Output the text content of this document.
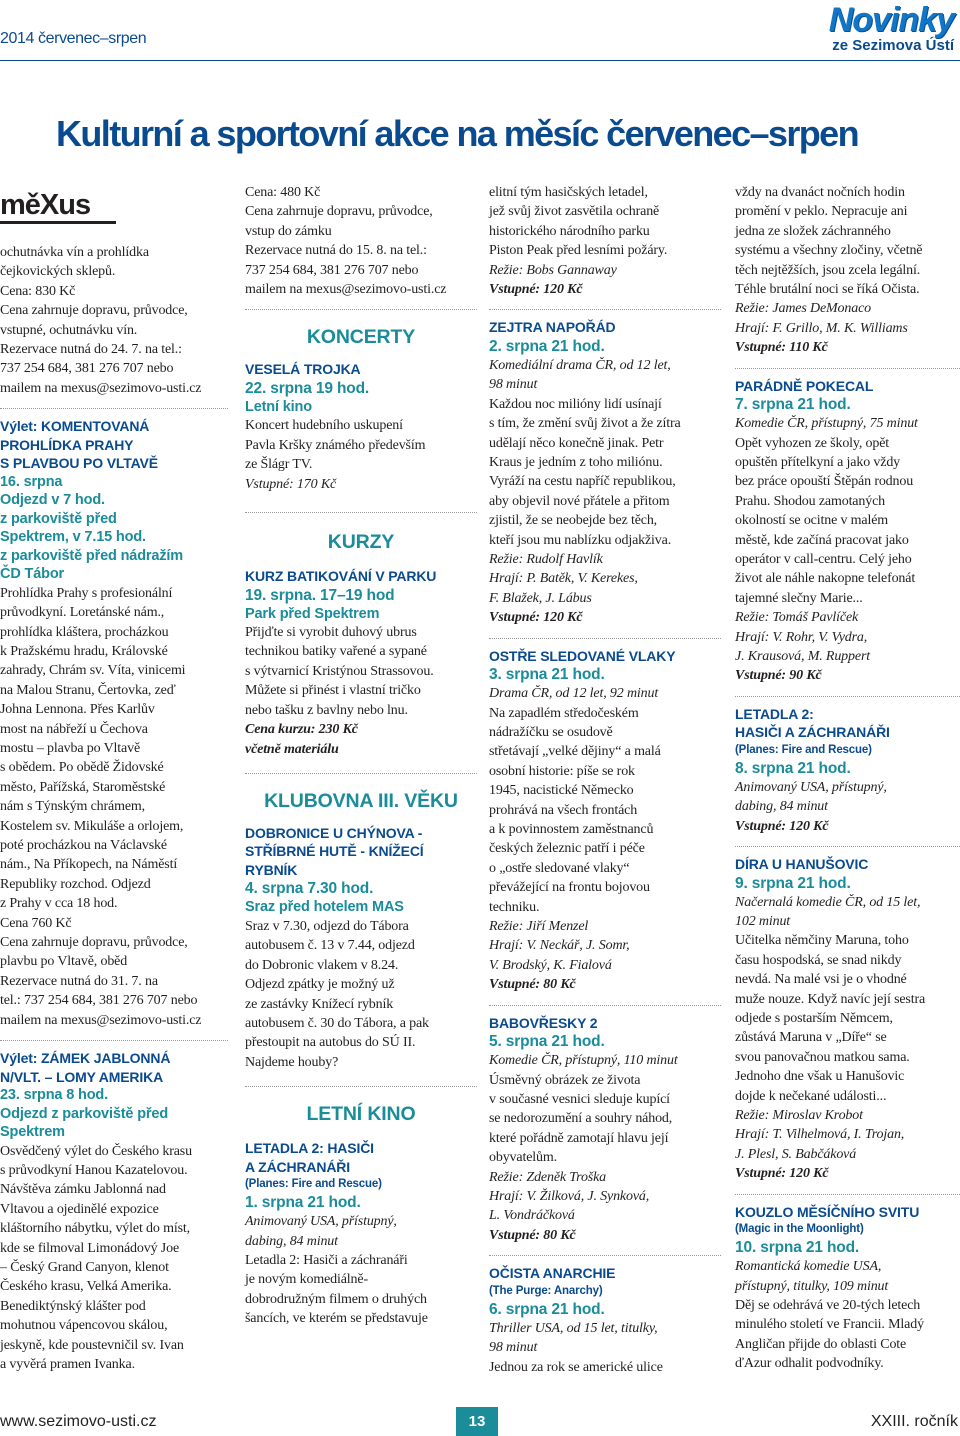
2014 červenec–srpen	Novinky
ze Sezimova Ústí
Kulturní a sportovní akce na měsíc červenec–srpen
měXus

ochutnávka vín a prohlídka

čejkovických sklepů.

Cena: 830 Kč

Cena zahrnuje dopravu, průvodce,

vstupné, ochutnávku vín.

Rezervace nutná do 24. 7. na tel.:

737 254 684, 381 276 707 nebo

mailem na mexus@sezimovo-usti.cz

Výlet: KOMENTOVANÁ

PROHLÍDKA PRAHY

S PLAVBOU PO VLTAVĚ

16. srpna

Odjezd v 7 hod.

z parkoviště před

Spektrem, v 7.15 hod.

z parkoviště před nádražím

ČD Tábor

Prohlídka Prahy s profesionální

průvodkyní. Loretánské nám.,

prohlídka kláštera, procházkou

k Pražskému hradu, Královské

zahrady, Chrám sv. Víta, vinicemi

na Malou Stranu, Čertovka, zeď

Johna Lennona. Přes Karlův

most na nábřeží u Čechova

mostu – plavba po Vltavě

s obědem. Po obědě Židovské

město, Pařížská, Staroměstské

nám s Týnským chrámem,

Kostelem sv. Mikuláše a orlojem,

poté procházkou na Václavské

nám., Na Příkopech, na Náměstí

Republiky rozchod. Odjezd

z Prahy v cca 18 hod.

Cena 760 Kč

Cena zahrnuje dopravu, průvodce,

plavbu po Vltavě, oběd

Rezervace nutná do 31. 7. na

tel.: 737 254 684, 381 276 707 nebo

mailem na mexus@sezimovo-usti.cz

Výlet: ZÁMEK JABLONNÁ

N/VLT. – LOMY AMERIKA

23. srpna 8 hod.

Odjezd z parkoviště před

Spektrem

Osvědčený výlet do Českého krasu

s průvodkyní Hanou Kazatelovou.

Návštěva zámku Jablonná nad

Vltavou a ojedinělé expozice

kláštorního nábytku, výlet do míst,

kde se filmoval Limonádový Joe

– Český Grand Canyon, klenot

Českého krasu, Velká Amerika.

Benediktýnský klášter pod

mohutnou vápencovou skálou,

jeskyně, kde poustevničil sv. Ivan

a vyvěrá pramen Ivanka.

Cena: 480 Kč

Cena zahrnuje dopravu, průvodce,

vstup do zámku

Rezervace nutná do 15. 8. na tel.:

737 254 684, 381 276 707 nebo

mailem na mexus@sezimovo-usti.cz

KONCERTY

VESELÁ TROJKA

22. srpna 19 hod.

Letní kino

Koncert hudebního uskupení

Pavla Kršky známého především

ze Šlágr TV.

Vstupné: 170 Kč

KURZY

KURZ BATIKOVÁNÍ V PARKU

19. srpna. 17–19 hod

Park před Spektrem

Přijďte si vyrobit duhový ubrus

technikou batiky vařené a sypané

s výtvarnicí Kristýnou Strassovou.

Můžete si přinést i vlastní tričko

nebo tašku z bavlny nebo lnu.

Cena kurzu: 230 Kč

včetně materiálu

KLUBOVNA III. VĚKU

DOBRONICE U CHÝNOVA -

STŘÍBRNÉ HUTĚ - KNÍŽECÍ

RYBNÍK

4. srpna 7.30 hod.

Sraz před hotelem MAS

Sraz v 7.30, odjezd do Tábora

autobusem č. 13 v 7.44, odjezd

do Dobronic vlakem v 8.24.

Odjezd zpátky je možný už

ze zastávky Knížecí rybník

autobusem č. 30 do Tábora, a pak

přestoupit na autobus do SÚ II.

Najdeme houby?

LETNÍ KINO

LETADLA 2: HASIČI

A ZÁCHRANÁŘI

(Planes: Fire and Rescue)

1. srpna 21 hod.

Animovaný USA, přístupný,

dabing, 84 minut

Letadla 2: Hasiči a záchranáři

je novým komediálně-

dobrodružným filmem o druhých

šancích, ve kterém se představuje

elitní tým hasičských letadel,

jež svůj život zasvětila ochraně

historického národního parku

Piston Peak před lesními požáry.

Režie: Bobs Gannaway

Vstupné: 120 Kč

ZEJTRA NAPOŘÁD

2. srpna 21 hod.

Komediální drama ČR, od 12 let,

98 minut

Každou noc milióny lidí usínají

s tím, že změní svůj život a že zítra

udělají něco konečně jinak. Petr

Kraus je jedním z toho miliónu.

Vyráží na cestu napříč republikou,

aby objevil nové přátele a přitom

zjistil, že se neobejde bez těch,

kteří jsou mu nablízku odjakživa.

Režie: Rudolf Havlík

Hrají: P. Batěk, V. Kerekes,

F. Blažek, J. Lábus

Vstupné: 120 Kč

OSTŘE SLEDOVANÉ VLAKY

3. srpna 21 hod.

Drama ČR, od 12 let, 92 minut

Na zapadlém středočeském

nádražíčku se osudově

střetávají „velké dějiny“ a malá

osobní historie: píše se rok

1945, nacistické Německo

prohrává na všech frontách

a k povinnostem zaměstnanců

českých železnic patří i péče

o „ostře sledované vlaky“

převážející na frontu bojovou

techniku.

Režie: Jiří Menzel

Hrají: V. Neckář, J. Somr,

V. Brodský, K. Fialová

Vstupné: 80 Kč

BABOVŘESKY 2

5. srpna 21 hod.

Komedie ČR, přístupný, 110 minut

Úsměvný obrázek ze života

v současné vesnici sleduje kupící

se nedorozumění a souhry náhod,

které pořádně zamotají hlavu její

obyvatelům.

Režie: Zdeněk Troška

Hrají: V. Žilková, J. Synková,

L. Vondráčková

Vstupné: 80 Kč

OČISTA ANARCHIE

(The Purge: Anarchy)

6. srpna 21 hod.

Thriller USA, od 15 let, titulky,

98 minut

Jednou za rok se americké ulice

vždy na dvanáct nočních hodin

promění v peklo. Nepracuje ani

jedna ze složek záchranného

systému a všechny zločiny, včetně

těch nejtěžších, jsou zcela legální.

Téhle brutální noci se říká Očista.

Režie: James DeMonaco

Hrají: F. Grillo, M. K. Williams

Vstupné: 110 Kč

PARÁDNĚ POKECAL

7. srpna 21 hod.

Komedie ČR, přístupný, 75 minut

Opět vyhozen ze školy, opět

opuštěn přítelkyní a jako vždy

bez práce opouští Štěpán rodnou

Prahu. Shodou zamotaných

okolností se ocitne v malém

městě, kde začíná pracovat jako

operátor v call-centru. Celý jeho

život ale náhle nakopne telefonát

tajemné slečny Marie...

Režie: Tomáš Pavlíček

Hrají: V. Rohr, V. Vydra,

J. Krausová, M. Ruppert

Vstupné: 90 Kč

LETADLA 2:

HASIČI A ZÁCHRANÁŘI

(Planes: Fire and Rescue)

8. srpna 21 hod.

Animovaný USA, přístupný,

dabing, 84 minut

Vstupné: 120 Kč

DÍRA U HANUŠOVIC

9. srpna 21 hod.

Načernalá komedie ČR, od 15 let,

102 minut

Učitelka němčiny Maruna, toho

času hospodská, se snad nikdy

nevdá. Na malé vsi je o vhodné

muže nouze. Když navíc její sestra

odjede s postarším Němcem,

zůstává Maruna v „Díře“ se

svou panovačnou matkou sama.

Jednoho dne však u Hanušovic

dojde k nečekané události...

Režie: Miroslav Krobot

Hrají: T. Vilhelmová, I. Trojan,

J. Plesl, S. Babčáková

Vstupné: 120 Kč

KOUZLO MĚSÍČNÍHO SVITU

(Magic in the Moonlight)

10. srpna 21 hod.

Romantická komedie USA,

přístupný, titulky, 109 minut

Děj se odehrává ve 20-tých letech

minulého století ve Francii. Mladý

Angličan přijde do oblasti Cote

ďAzur odhalit podvodníky.

www.sezimovo-usti.cz	13	XXIII. ročník
